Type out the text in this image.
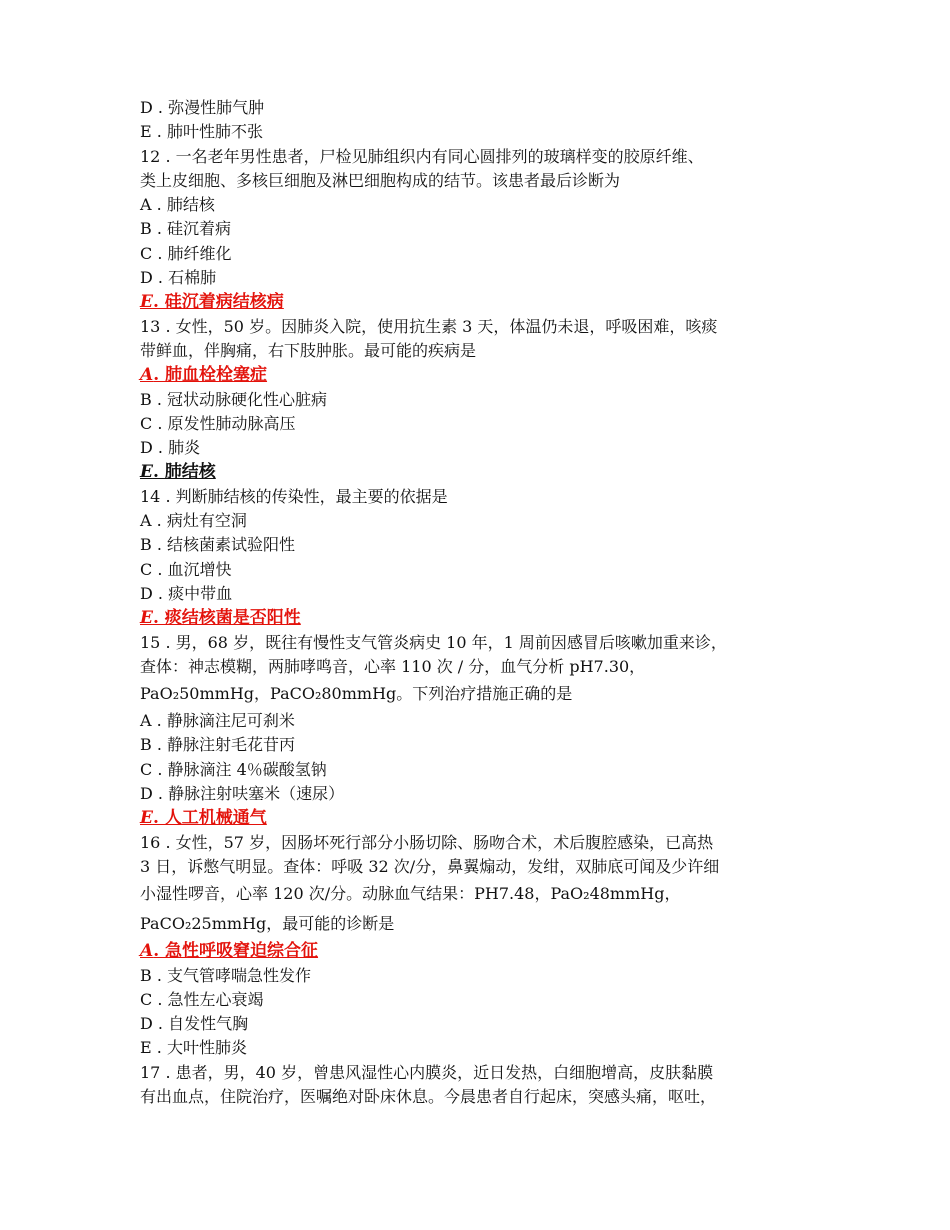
D . 弥漫性肺气肿

E . 肺叶性肺不张

12 . 一名老年男性患者，尸检见肺组织内有同心圆排列的玻璃样变的胶原纤维、

类上皮细胞、多核巨细胞及淋巴细胞构成的结节。该患者最后诊断为

A . 肺结核

B . 硅沉着病

C . 肺纤维化

D . 石棉肺

E. 硅沉着病结核病

13 . 女性，50 岁。因肺炎入院，使用抗生素 3 天，体温仍未退，呼吸困难，咳痰

带鲜血，伴胸痛，右下肢肿胀。最可能的疾病是

A. 肺血栓栓塞症

B . 冠状动脉硬化性心脏病

C . 原发性肺动脉高压

D . 肺炎

E. 肺结核

14 . 判断肺结核的传染性，最主要的依据是

A . 病灶有空洞

B . 结核菌素试验阳性

C . 血沉增快

D . 痰中带血

E. 痰结核菌是否阳性

15 . 男，68 岁，既往有慢性支气管炎病史 10 年，1 周前因感冒后咳嗽加重来诊，

查体：神志模糊，两肺哮鸣音，心率 110 次 / 分，血气分析 pH7.30，

PaO₂50mmHg，PaCO₂80mmHg。下列治疗措施正确的是

A . 静脉滴注尼可刹米

B . 静脉注射毛花苷丙

C . 静脉滴注 4％碳酸氢钠

D . 静脉注射呋塞米（速尿）

E. 人工机械通气

16 . 女性，57 岁，因肠坏死行部分小肠切除、肠吻合术，术后腹腔感染，已高热

3 日，诉憋气明显。查体：呼吸 32 次/分，鼻翼煽动，发绀，双肺底可闻及少许细

小湿性啰音，心率 120 次/分。动脉血气结果：PH7.48，PaO₂48mmHg，

PaCO₂25mmHg，最可能的诊断是

A. 急性呼吸窘迫综合征

B . 支气管哮喘急性发作

C . 急性左心衰竭

D . 自发性气胸

E . 大叶性肺炎

17 . 患者，男，40 岁，曾患风湿性心内膜炎，近日发热，白细胞增高，皮肤黏膜

有出血点，住院治疗，医嘱绝对卧床休息。今晨患者自行起床，突感头痛，呕吐，
